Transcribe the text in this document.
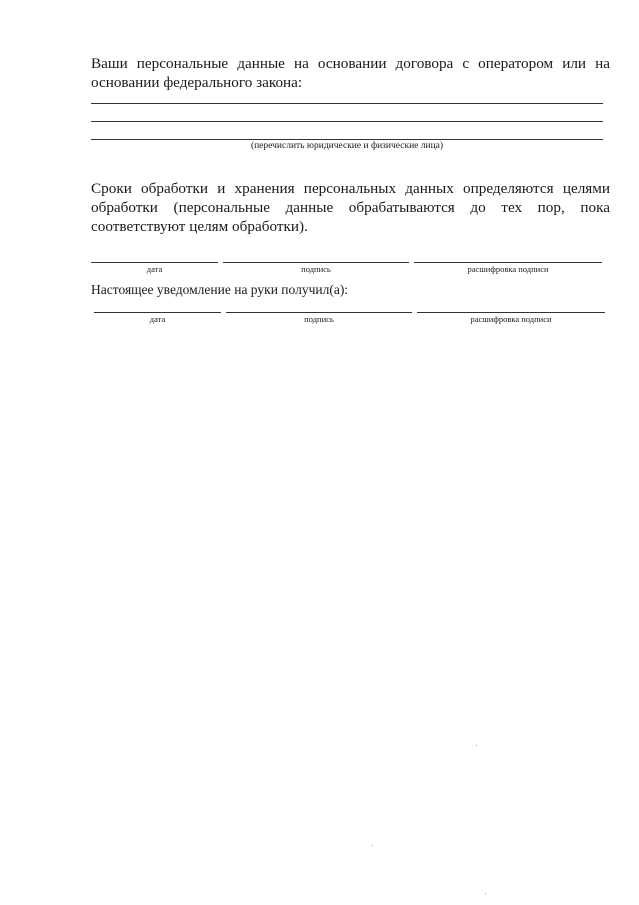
Ваши персональные данные на основании договора с оператором или на
основании федерального закона:
(перечислить юридические и физические лица)
Сроки обработки и хранения персональных данных определяются целями
обработки (персональные данные обрабатываются до тех пор, пока
соответствуют целям обработки).
дата	подпись	расшифровка подписи
Настоящее уведомление на руки получил(а):
дата	подпись	расшифровка подписи
